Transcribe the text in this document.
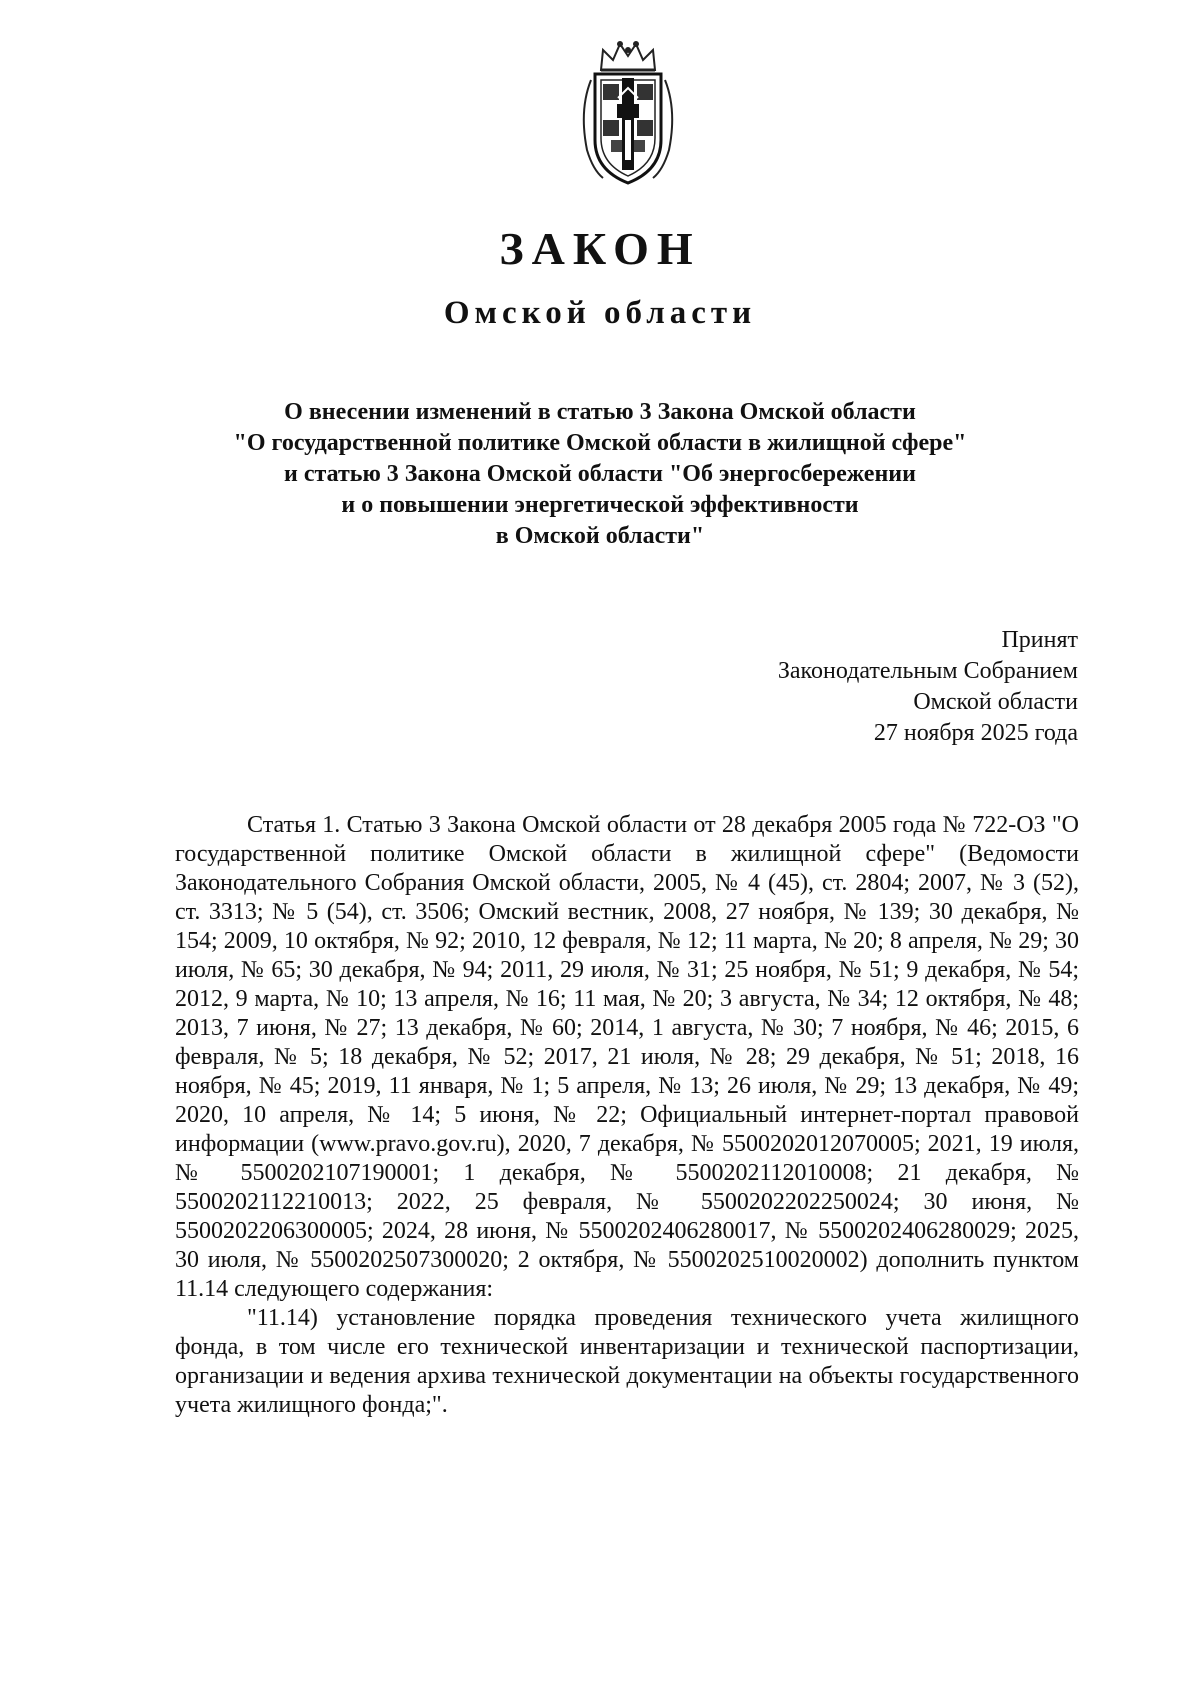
ЗАКОН
Омской области
О внесении изменений в статью 3 Закона Омской области
"О государственной политике Омской области в жилищной сфере"
и статью 3 Закона Омской области "Об энергосбережении
и о повышении энергетической эффективности
в Омской области"
Принят
Законодательным Собранием
Омской области
27 ноября 2025 года

Статья 1. Статью 3 Закона Омской области от 28 декабря 2005 года № 722-ОЗ "О государственной политике Омской области в жилищной сфере" (Ведомости Законодательного Собрания Омской области, 2005, № 4 (45), ст. 2804; 2007, № 3 (52), ст. 3313; № 5 (54), ст. 3506; Омский вестник, 2008, 27 ноября, № 139; 30 декабря, № 154; 2009, 10 октября, № 92; 2010, 12 февраля, № 12; 11 марта, № 20; 8 апреля, № 29; 30 июля, № 65; 30 декабря, № 94; 2011, 29 июля, № 31; 25 ноября, № 51; 9 декабря, № 54; 2012, 9 марта, № 10; 13 апреля, № 16; 11 мая, № 20; 3 августа, № 34; 12 октября, № 48; 2013, 7 июня, № 27; 13 декабря, № 60; 2014, 1 августа, № 30; 7 ноября, № 46; 2015, 6 февраля, № 5; 18 декабря, № 52; 2017, 21 июля, № 28; 29 декабря, № 51; 2018, 16 ноября, № 45; 2019, 11 января, № 1; 5 апреля, № 13; 26 июля, № 29; 13 декабря, № 49; 2020, 10 апреля, № 14; 5 июня, № 22; Официальный интернет-портал правовой информации (www.pravo.gov.ru), 2020, 7 декабря, № 5500202012070005; 2021, 19 июля, № 5500202107190001; 1 декабря, № 5500202112010008; 21 декабря, № 5500202112210013; 2022, 25 февраля, № 5500202202250024; 30 июня, № 5500202206300005; 2024, 28 июня, № 5500202406280017, № 5500202406280029; 2025, 30 июля, № 5500202507300020; 2 октября, № 5500202510020002) дополнить пунктом 11.14 следующего содержания:

"11.14) установление порядка проведения технического учета жилищного фонда, в том числе его технической инвентаризации и технической паспортизации, организации и ведения архива технической документации на объекты государственного учета жилищного фонда;".
